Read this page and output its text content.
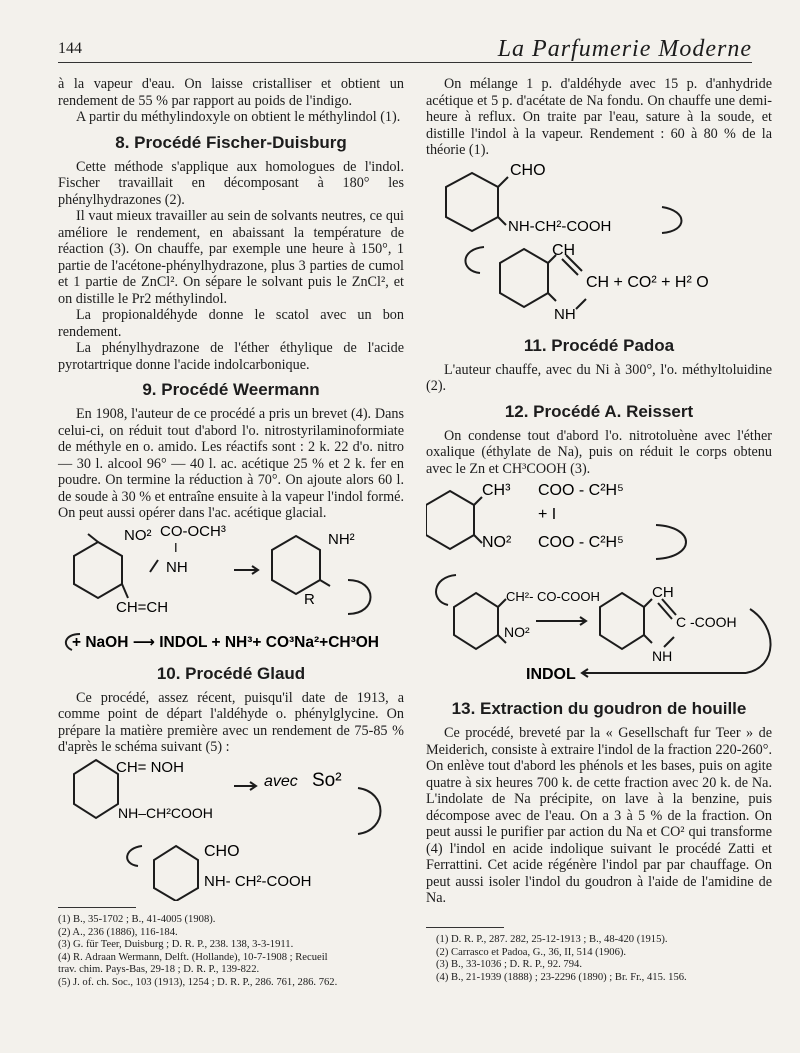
144	La Parfumerie Moderne

à la vapeur d'eau. On laisse cristalliser et obtient un rendement de 55 % par rapport au poids de l'indigo.

A partir du méthylindoxyle on obtient le méthylindol (1).

8. Procédé Fischer-Duisburg

Cette méthode s'applique aux homologues de l'indol. Fischer travaillait en décomposant à 180° les phénylhydrazones (2).

Il vaut mieux travailler au sein de solvants neutres, ce qui améliore le rendement, en abaissant la température de réaction (3). On chauffe, par exemple une heure à 150°, 1 partie de l'acétone-phénylhydrazone, plus 3 parties de cumol et 1 partie de ZnCl². On sépare le solvant puis le ZnCl², et on distille le Pr2 méthylindol.

La propionaldéhyde donne le scatol avec un bon rendement.

La phénylhydrazone de l'éther éthylique de l'acide pyrotartrique donne l'acide indolcarbonique.

9. Procédé Weermann

En 1908, l'auteur de ce procédé a pris un brevet (4). Dans celui-ci, on réduit tout d'abord l'o. nitrostyrilaminoformiate de méthyle en o. amido. Les réactifs sont : 2 k. 22 d'o. nitro — 30 l. alcool 96° — 40 l. ac. acétique 25 % et 2 k. fer en poudre. On termine la réduction à 70°. On ajoute alors 60 l. de soude à 30 % et entraîne ensuite à la vapeur l'indol formé. On peut aussi opérer dans l'ac. acétique glacial.

NO² CO-OCH³
I
NH
CH=CH
NH²
R
+ NaOH ⟶ INDOL + NH³+ CO³Na²+CH³OH
10. Procédé Glaud

Ce procédé, assez récent, puisqu'il date de 1913, a comme point de départ l'aldéhyde o. phénylglycine. On prépare la matière première avec un rendement de 75-85 % d'après le schéma suivant (5) :

CH= NOH
NH–CH²COOH
avec So²
CHO
NH- CH²-COOH
(1) B., 35-1702 ; B., 41-4005 (1908).
(2) A., 236 (1886), 116-184.
(3) G. für Teer, Duisburg ; D. R. P., 238. 138, 3-3-1911.
(4) R. Adraan Wermann, Delft. (Hollande), 10-7-1908 ; Recueil
trav. chim. Pays-Bas, 29-18 ; D. R. P., 139-822.
(5) J. of. ch. Soc., 103 (1913), 1254 ; D. R. P., 286. 761, 286. 762.

On mélange 1 p. d'aldéhyde avec 15 p. d'anhydride acétique et 5 p. d'acétate de Na fondu. On chauffe une demi-heure à reflux. On traite par l'eau, sature à la soude, et distille l'indol à la vapeur. Rendement : 60 à 80 % de la théorie (1).

CHO
NH-CH²-COOH
CH
CH + CO² + H² O
NH
11. Procédé Padoa

L'auteur chauffe, avec du Ni à 300°, l'o. méthyltoluidine (2).

12. Procédé A. Reissert

On condense tout d'abord l'o. nitrotoluène avec l'éther oxalique (éthylate de Na), puis on réduit le corps obtenu avec le Zn et CH³COOH (3).

CH³ COO - C²H⁵
+ I
NO² COO - C²H⁵
CH²- CO-COOH
NO²
CH
C -COOH
NH
INDOL
13. Extraction du goudron de houille

Ce procédé, breveté par la « Gesellschaft fur Teer » de Meiderich, consiste à extraire l'indol de la fraction 220-260°. On enlève tout d'abord les phénols et les bases, puis on agite quatre à six heures 700 k. de cette fraction avec 20 k. de Na. L'indolate de Na précipite, on lave à la benzine, puis décompose avec de l'eau. On a 3 à 5 % de la fraction. On peut aussi le purifier par action du Na et CO² qui transforme (4) l'indol en acide indolique suivant le procédé Zatti et Ferrattini. Cet acide régénère l'indol par par chauffage. On peut aussi isoler l'indol du goudron à l'aide de l'amidine de Na.

(1) D. R. P., 287. 282, 25-12-1913 ; B., 48-420 (1915).
(2) Carrasco et Padoa, G., 36, II, 514 (1906).
(3) B., 33-1036 ; D. R. P., 92. 794.
(4) B., 21-1939 (1888) ; 23-2296 (1890) ; Br. Fr., 415. 156.
